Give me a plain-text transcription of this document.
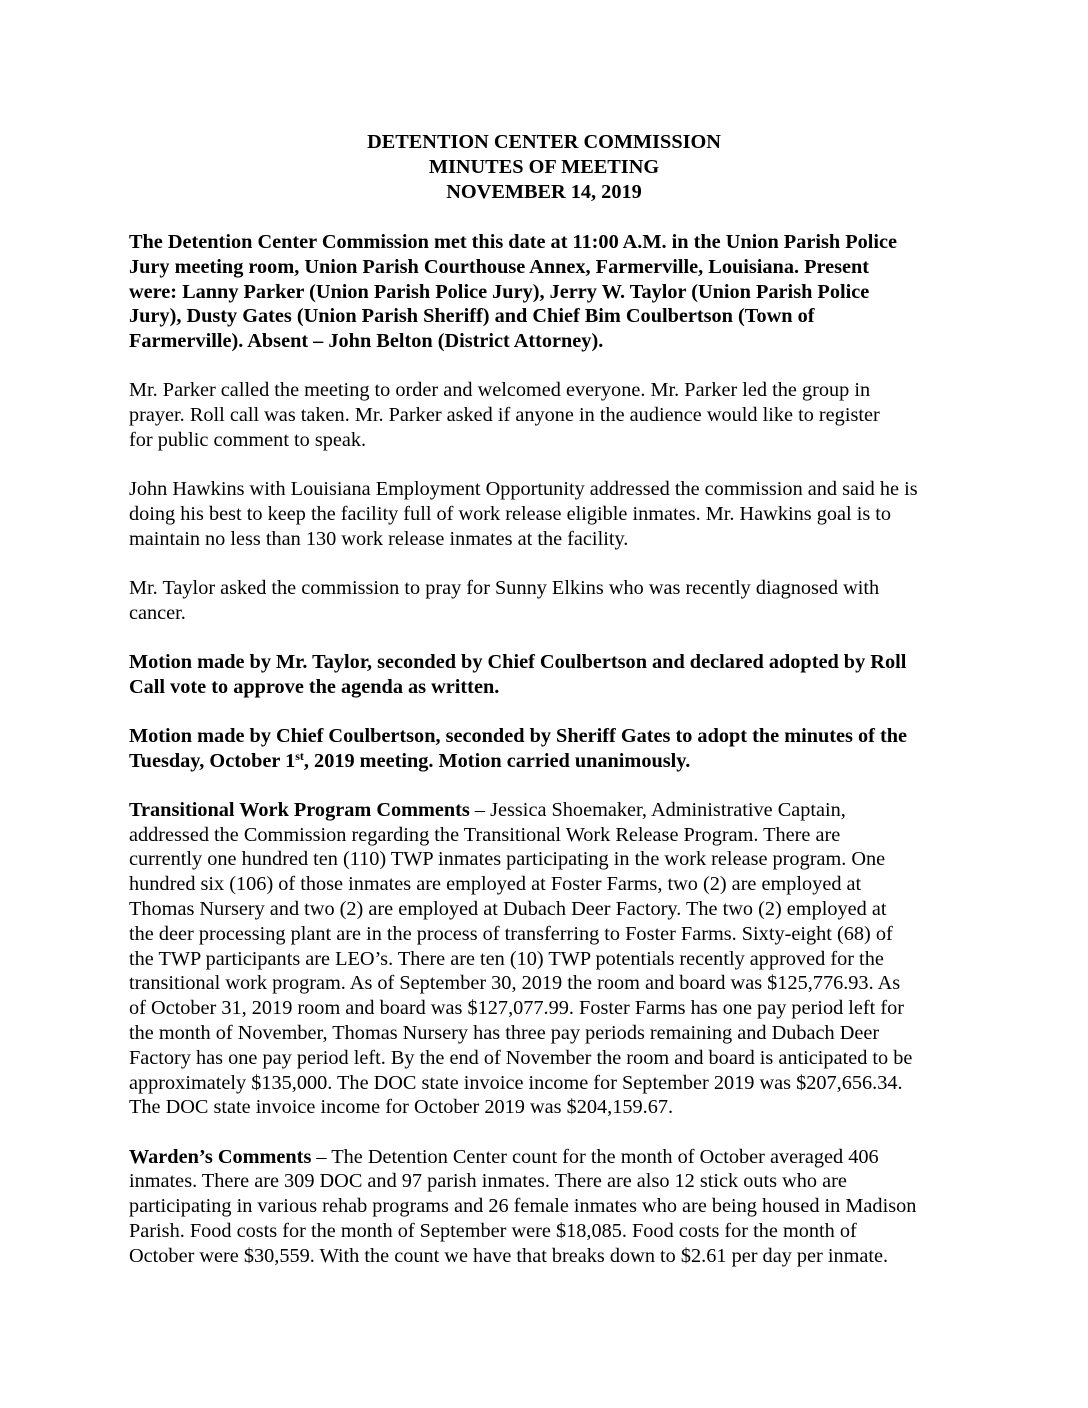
DETENTION CENTER COMMISSION
MINUTES OF MEETING
NOVEMBER 14, 2019
The Detention Center Commission met this date at 11:00 A.M. in the Union Parish Police
Jury meeting room, Union Parish Courthouse Annex, Farmerville, Louisiana. Present
were: Lanny Parker (Union Parish Police Jury), Jerry W. Taylor (Union Parish Police
Jury), Dusty Gates (Union Parish Sheriff) and Chief Bim Coulbertson (Town of
Farmerville). Absent – John Belton (District Attorney).
Mr. Parker called the meeting to order and welcomed everyone. Mr. Parker led the group in
prayer. Roll call was taken. Mr. Parker asked if anyone in the audience would like to register
for public comment to speak.
John Hawkins with Louisiana Employment Opportunity addressed the commission and said he is
doing his best to keep the facility full of work release eligible inmates. Mr. Hawkins goal is to
maintain no less than 130 work release inmates at the facility.
Mr. Taylor asked the commission to pray for Sunny Elkins who was recently diagnosed with
cancer.
Motion made by Mr. Taylor, seconded by Chief Coulbertson and declared adopted by Roll
Call vote to approve the agenda as written.
Motion made by Chief Coulbertson, seconded by Sheriff Gates to adopt the minutes of the
Tuesday, October 1st, 2019 meeting. Motion carried unanimously.
Transitional Work Program Comments – Jessica Shoemaker, Administrative Captain,
addressed the Commission regarding the Transitional Work Release Program. There are
currently one hundred ten (110) TWP inmates participating in the work release program. One
hundred six (106) of those inmates are employed at Foster Farms, two (2) are employed at
Thomas Nursery and two (2) are employed at Dubach Deer Factory. The two (2) employed at
the deer processing plant are in the process of transferring to Foster Farms. Sixty-eight (68) of
the TWP participants are LEO’s. There are ten (10) TWP potentials recently approved for the
transitional work program. As of September 30, 2019 the room and board was $125,776.93. As
of October 31, 2019 room and board was $127,077.99. Foster Farms has one pay period left for
the month of November, Thomas Nursery has three pay periods remaining and Dubach Deer
Factory has one pay period left. By the end of November the room and board is anticipated to be
approximately $135,000. The DOC state invoice income for September 2019 was $207,656.34.
The DOC state invoice income for October 2019 was $204,159.67.
Warden’s Comments – The Detention Center count for the month of October averaged 406
inmates. There are 309 DOC and 97 parish inmates. There are also 12 stick outs who are
participating in various rehab programs and 26 female inmates who are being housed in Madison
Parish. Food costs for the month of September were $18,085. Food costs for the month of
October were $30,559. With the count we have that breaks down to $2.61 per day per inmate.
